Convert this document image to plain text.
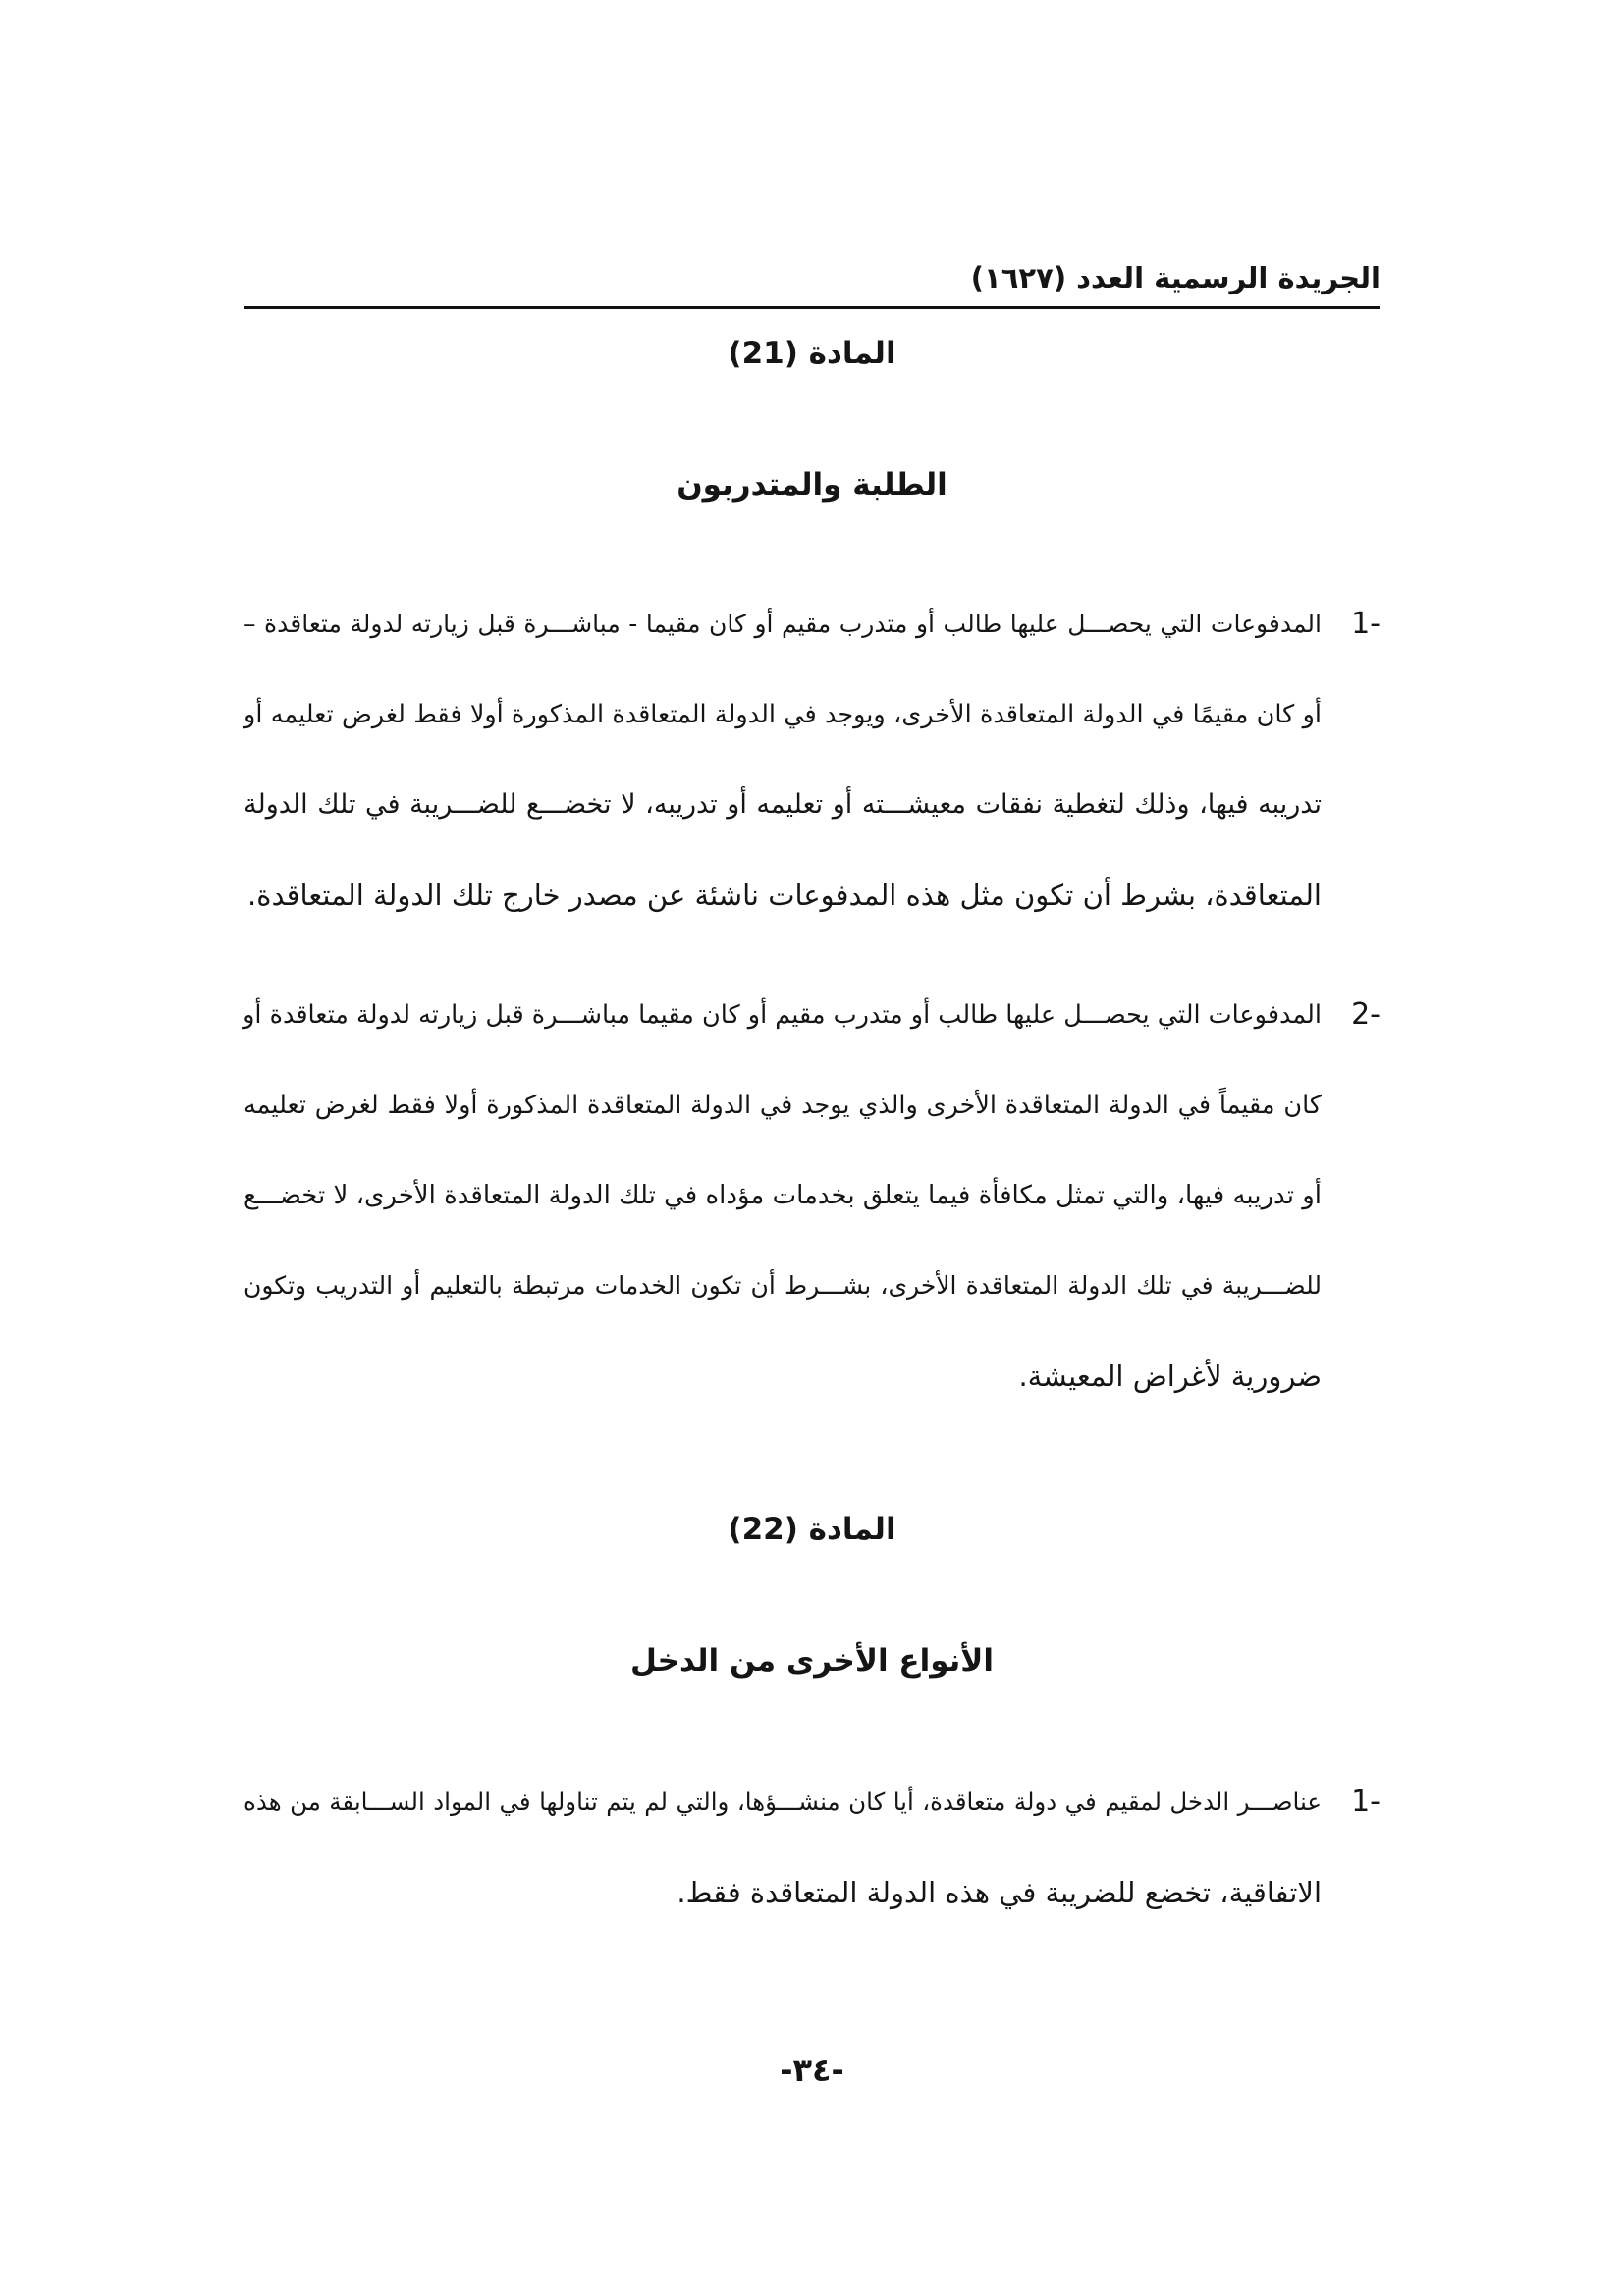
الجريدة الرسمية العدد (١٦٢٧)
المادة (21)
الطلبة والمتدربون
-1
المدفوعات التي يحصـــل عليها طالب أو متدرب مقيم أو كان مقيما - مباشـــرة قبل زيارته لدولة متعاقدة –
أو كان مقيمًا في الدولة المتعاقدة الأخرى، ويوجد في الدولة المتعاقدة المذكورة أولا فقط لغرض تعليمه أو
تدريبه فيها، وذلك لتغطية نفقات معيشـــته أو تعليمه أو تدريبه، لا تخضـــع للضـــريبة في تلك الدولة
المتعاقدة، بشرط أن تكون مثل هذه المدفوعات ناشئة عن مصدر خارج تلك الدولة المتعاقدة.
-2
المدفوعات التي يحصـــل عليها طالب أو متدرب مقيم أو كان مقيما مباشـــرة قبل زيارته لدولة متعاقدة أو
كان مقيماً في الدولة المتعاقدة الأخرى والذي يوجد في الدولة المتعاقدة المذكورة أولا فقط لغرض تعليمه
أو تدريبه فيها، والتي تمثل مكافأة فيما يتعلق بخدمات مؤداه في تلك الدولة المتعاقدة الأخرى، لا تخضـــع
للضـــريبة في تلك الدولة المتعاقدة الأخرى، بشـــرط أن تكون الخدمات مرتبطة بالتعليم أو التدريب وتكون
ضرورية لأغراض المعيشة.
المادة (22)
الأنواع الأخرى من الدخل
-1
عناصـــر الدخل لمقيم في دولة متعاقدة، أيا كان منشـــؤها، والتي لم يتم تناولها في المواد الســـابقة من هذه
الاتفاقية، تخضع للضريبة في هذه الدولة المتعاقدة فقط.
-٣٤-
